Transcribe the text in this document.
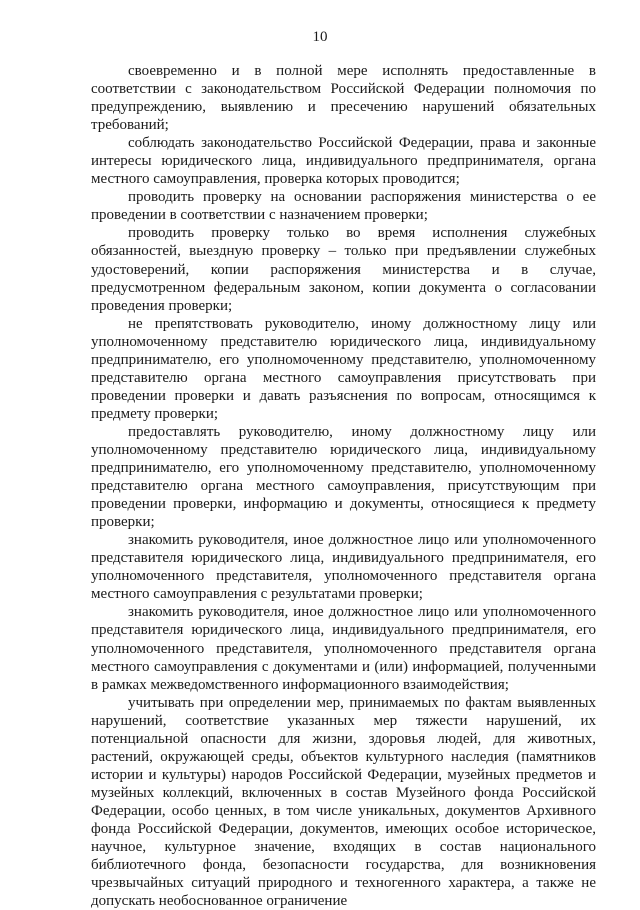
10

своевременно и в полной мере исполнять предоставленные в соответствии с законодательством Российской Федерации полномочия по предупреждению, выявлению и пресечению нарушений обязательных требований;

соблюдать законодательство Российской Федерации, права и законные интересы юридического лица, индивидуального предпринимателя, органа местного самоуправления, проверка которых проводится;

проводить проверку на основании распоряжения министерства о ее проведении в соответствии с назначением проверки;

проводить проверку только во время исполнения служебных обязанностей, выездную проверку – только при предъявлении служебных удостоверений, копии распоряжения министерства и в случае, предусмотренном федеральным законом, копии документа о согласовании проведения проверки;

не препятствовать руководителю, иному должностному лицу или уполномоченному представителю юридического лица, индивидуальному предпринимателю, его уполномоченному представителю, уполномоченному представителю органа местного самоуправления присутствовать при проведении проверки и давать разъяснения по вопросам, относящимся к предмету проверки;

предоставлять руководителю, иному должностному лицу или уполномоченному представителю юридического лица, индивидуальному предпринимателю, его уполномоченному представителю, уполномоченному представителю органа местного самоуправления, присутствующим при проведении проверки, информацию и документы, относящиеся к предмету проверки;

знакомить руководителя, иное должностное лицо или уполномоченного представителя юридического лица, индивидуального предпринимателя, его уполномоченного представителя, уполномоченного представителя органа местного самоуправления с результатами проверки;

знакомить руководителя, иное должностное лицо или уполномоченного представителя юридического лица, индивидуального предпринимателя, его уполномоченного представителя, уполномоченного представителя органа местного самоуправления с документами и (или) информацией, полученными в рамках межведомственного информационного взаимодействия;

учитывать при определении мер, принимаемых по фактам выявленных нарушений, соответствие указанных мер тяжести нарушений, их потенциальной опасности для жизни, здоровья людей, для животных, растений, окружающей среды, объектов культурного наследия (памятников истории и культуры) народов Российской Федерации, музейных предметов и музейных коллекций, включенных в состав Музейного фонда Российской Федерации, особо ценных, в том числе уникальных, документов Архивного фонда Российской Федерации, документов, имеющих особое историческое, научное, культурное значение, входящих в состав национального библиотечного фонда, безопасности государства, для возникновения чрезвычайных ситуаций природного и техногенного характера, а также не допускать необоснованное ограничение
